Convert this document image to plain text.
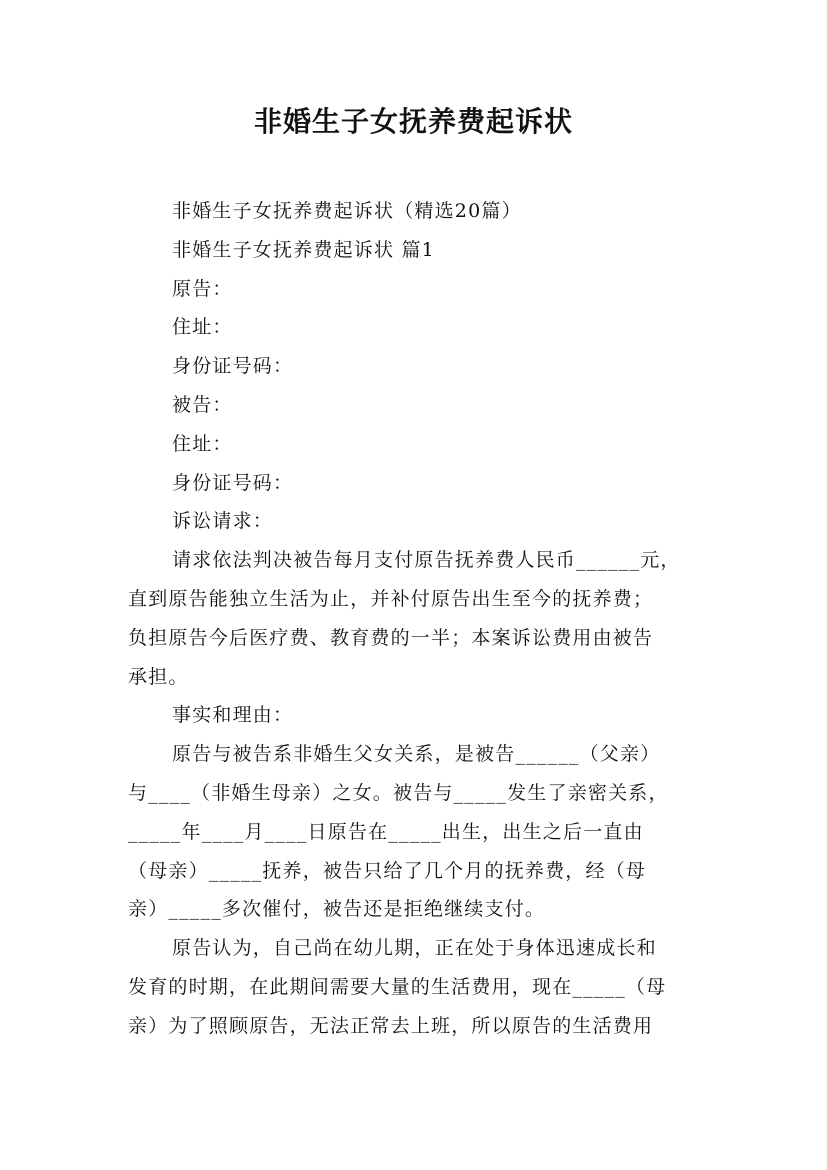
非婚生子女抚养费起诉状
非婚生子女抚养费起诉状（精选20篇）
非婚生子女抚养费起诉状 篇1
原告：
住址：
身份证号码：
被告：
住址：
身份证号码：
诉讼请求：
请求依法判决被告每月支付原告抚养费人民币______元，
直到原告能独立生活为止，并补付原告出生至今的抚养费；
负担原告今后医疗费、教育费的一半；本案诉讼费用由被告
承担。
事实和理由：
原告与被告系非婚生父女关系，是被告______（父亲）
与____（非婚生母亲）之女。被告与_____发生了亲密关系，
_____年____月____日原告在_____出生，出生之后一直由
（母亲）_____抚养，被告只给了几个月的抚养费，经（母
亲）_____多次催付，被告还是拒绝继续支付。
原告认为，自己尚在幼儿期，正在处于身体迅速成长和
发育的时期，在此期间需要大量的生活费用，现在_____（母
亲）为了照顾原告，无法正常去上班，所以原告的生活费用
